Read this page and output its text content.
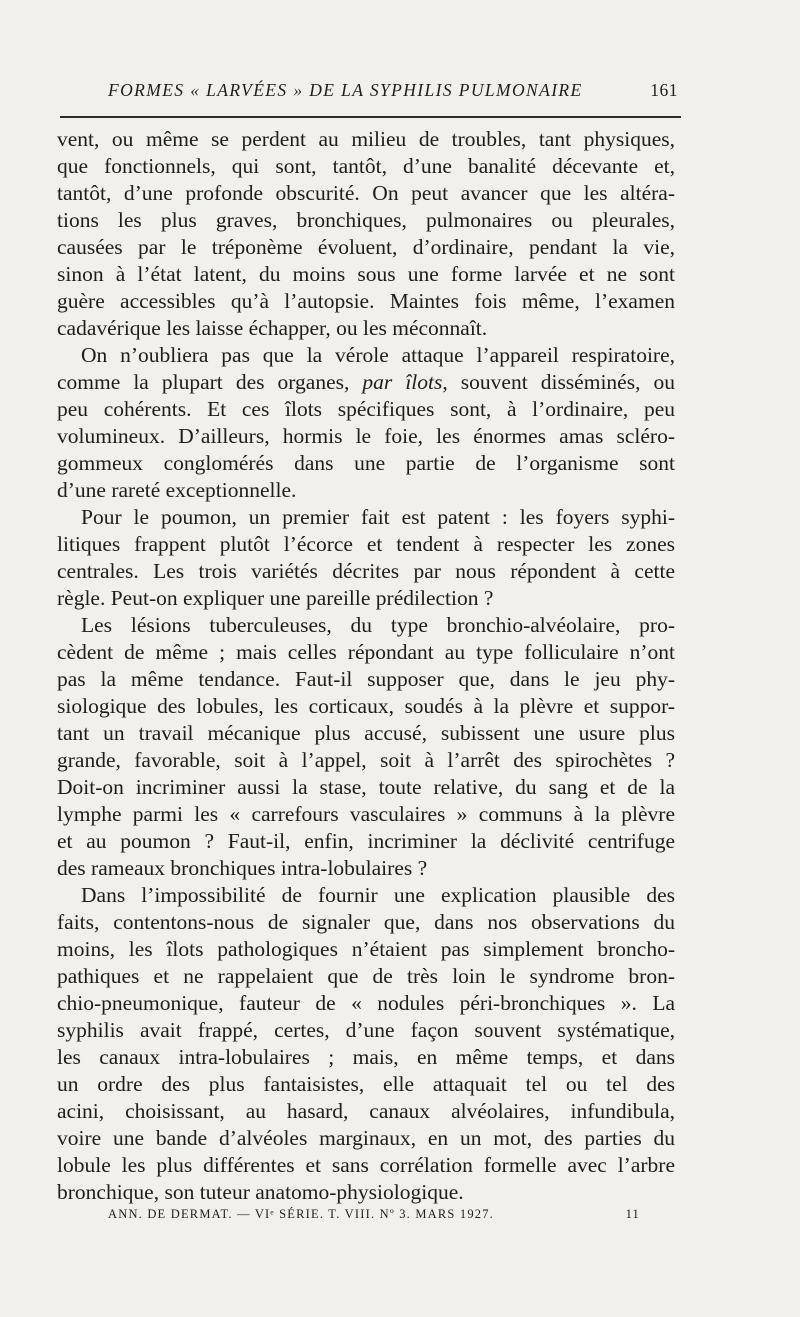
FORMES « LARVÉES » DE LA SYPHILIS PULMONAIRE	161
vent, ou même se perdent au milieu de troubles, tant physiques,
que fonctionnels, qui sont, tantôt, d’une banalité décevante et,
tantôt, d’une profonde obscurité. On peut avancer que les altéra-
tions les plus graves, bronchiques, pulmonaires ou pleurales,
causées par le tréponème évoluent, d’ordinaire, pendant la vie,
sinon à l’état latent, du moins sous une forme larvée et ne sont
guère accessibles qu’à l’autopsie. Maintes fois même, l’examen
cadavérique les laisse échapper, ou les méconnaît.
On n’oubliera pas que la vérole attaque l’appareil respiratoire,
comme la plupart des organes, par îlots, souvent disséminés, ou
peu cohérents. Et ces îlots spécifiques sont, à l’ordinaire, peu
volumineux. D’ailleurs, hormis le foie, les énormes amas scléro-
gommeux conglomérés dans une partie de l’organisme sont
d’une rareté exceptionnelle.
Pour le poumon, un premier fait est patent : les foyers syphi-
litiques frappent plutôt l’écorce et tendent à respecter les zones
centrales. Les trois variétés décrites par nous répondent à cette
règle. Peut-on expliquer une pareille prédilection ?
Les lésions tuberculeuses, du type bronchio-alvéolaire, pro-
cèdent de même ; mais celles répondant au type folliculaire n’ont
pas la même tendance. Faut-il supposer que, dans le jeu phy-
siologique des lobules, les corticaux, soudés à la plèvre et suppor-
tant un travail mécanique plus accusé, subissent une usure plus
grande, favorable, soit à l’appel, soit à l’arrêt des spirochètes ?
Doit-on incriminer aussi la stase, toute relative, du sang et de la
lymphe parmi les « carrefours vasculaires » communs à la plèvre
et au poumon ? Faut-il, enfin, incriminer la déclivité centrifuge
des rameaux bronchiques intra-lobulaires ?
Dans l’impossibilité de fournir une explication plausible des
faits, contentons-nous de signaler que, dans nos observations du
moins, les îlots pathologiques n’étaient pas simplement broncho-
pathiques et ne rappelaient que de très loin le syndrome bron-
chio-pneumonique, fauteur de « nodules péri-bronchiques ». La
syphilis avait frappé, certes, d’une façon souvent systématique,
les canaux intra-lobulaires ; mais, en même temps, et dans
un ordre des plus fantaisistes, elle attaquait tel ou tel des
acini, choisissant, au hasard, canaux alvéolaires, infundibula,
voire une bande d’alvéoles marginaux, en un mot, des parties du
lobule les plus différentes et sans corrélation formelle avec l’arbre
bronchique, son tuteur anatomo-physiologique.
ANN. DE DERMAT. — VIᵉ SÉRIE. T. VIII. Nº 3. MARS 1927.	11
